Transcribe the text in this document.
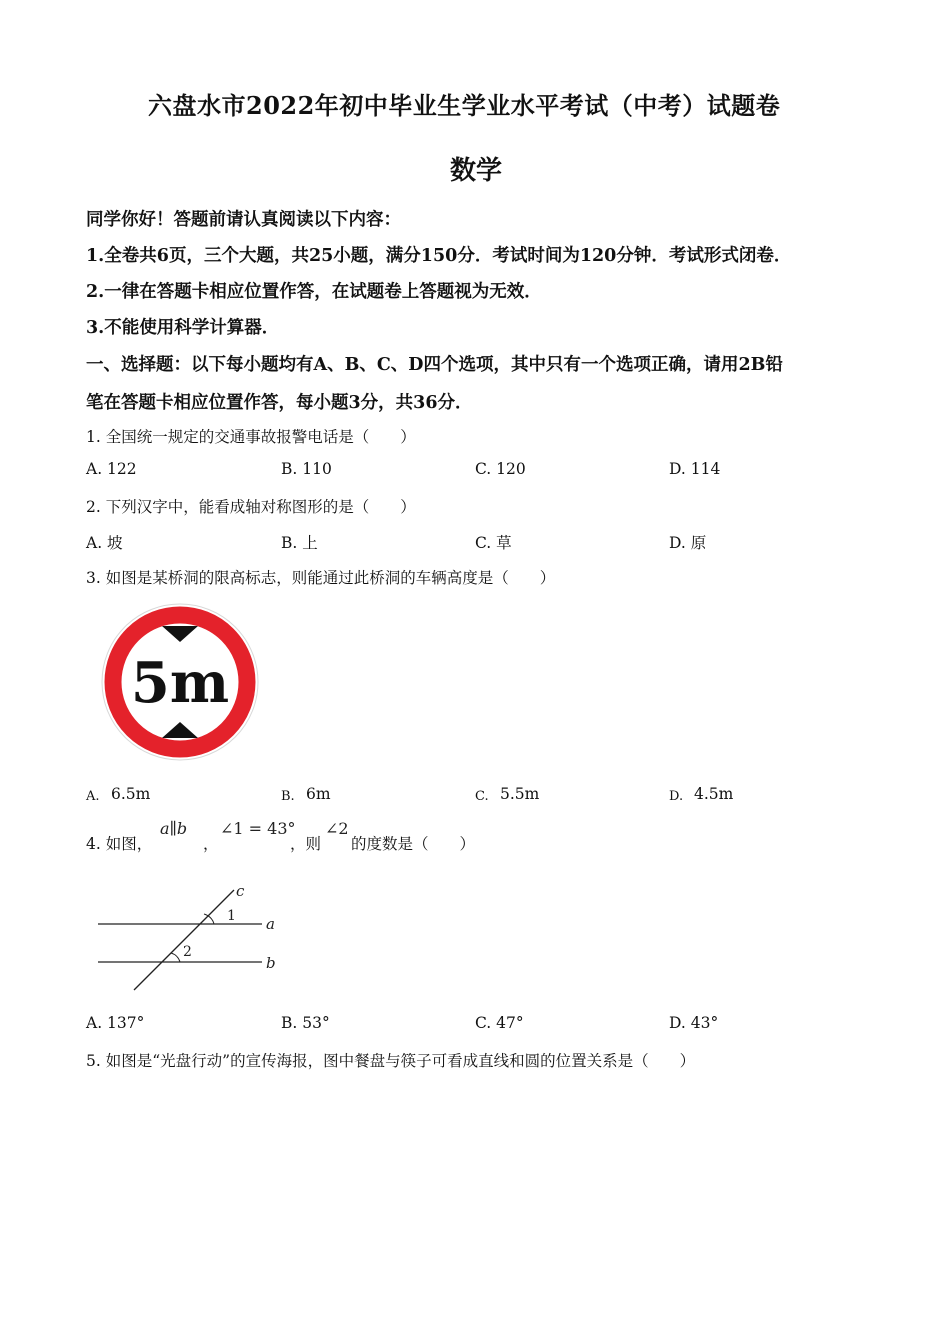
六盘水市2022年初中毕业生学业水平考试（中考）试题卷
数学
同学你好！答题前请认真阅读以下内容：
1.全卷共6页，三个大题，共25小题，满分150分．考试时间为120分钟．考试形式闭卷．
2.一律在答题卡相应位置作答，在试题卷上答题视为无效．
3.不能使用科学计算器．
一、选择题：以下每小题均有A、B、C、D四个选项，其中只有一个选项正确，请用2B铅
笔在答题卡相应位置作答，每小题3分，共36分．
1. 全国统一规定的交通事故报警电话是（　　）
A. 122	B. 110	C. 120	D. 114
2. 下列汉字中，能看成轴对称图形的是（　　）
A. 坡	B. 上	C. 草	D. 原
3. 如图是某桥洞的限高标志，则能通过此桥洞的车辆高度是（　　）
5m
A. 6.5m	B. 6m	C. 5.5m	D. 4.5m
4. 如图，
a∥b
，
∠1 = 43°
，则
∠2
的度数是（　　）
c
a
b
1
2
A. 137°	B. 53°	C. 47°	D. 43°
5. 如图是“光盘行动”的宣传海报，图中餐盘与筷子可看成直线和圆的位置关系是（　　）
